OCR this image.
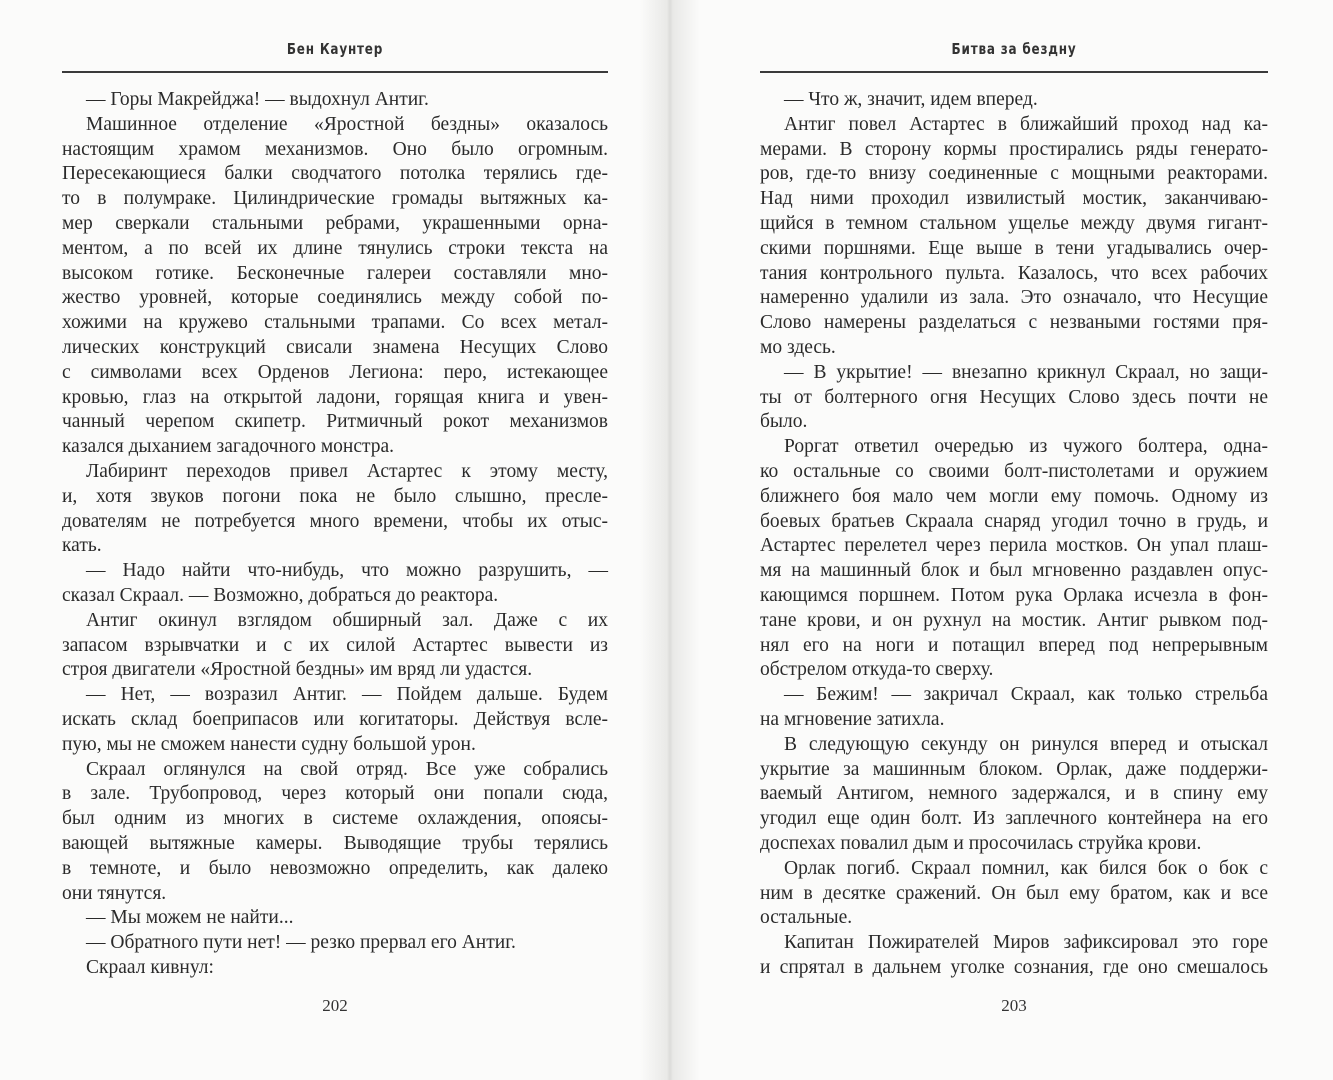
Бен Каунтер
— Горы Макрейджа! — выдохнул Антиг.
Машинное отделение «Яростной бездны» оказалось
настоящим храмом механизмов. Оно было огромным.
Пересекающиеся балки сводчатого потолка терялись где-
то в полумраке. Цилиндрические громады вытяжных ка-
мер сверкали стальными ребрами, украшенными орна-
ментом, а по всей их длине тянулись строки текста на
высоком готике. Бесконечные галереи составляли мно-
жество уровней, которые соединялись между собой по-
хожими на кружево стальными трапами. Со всех метал-
лических конструкций свисали знамена Несущих Слово
с символами всех Орденов Легиона: перо, истекающее
кровью, глаз на открытой ладони, горящая книга и увен-
чанный черепом скипетр. Ритмичный рокот механизмов
казался дыханием загадочного монстра.
Лабиринт переходов привел Астартес к этому месту,
и, хотя звуков погони пока не было слышно, пресле-
дователям не потребуется много времени, чтобы их отыс-
кать.
— Надо найти что-нибудь, что можно разрушить, —
сказал Скраал. — Возможно, добраться до реактора.
Антиг окинул взглядом обширный зал. Даже с их
запасом взрывчатки и с их силой Астартес вывести из
строя двигатели «Яростной бездны» им вряд ли удастся.
— Нет, — возразил Антиг. — Пойдем дальше. Будем
искать склад боеприпасов или когитаторы. Действуя всле-
пую, мы не сможем нанести судну большой урон.
Скраал оглянулся на свой отряд. Все уже собрались
в зале. Трубопровод, через который они попали сюда,
был одним из многих в системе охлаждения, опоясы-
вающей вытяжные камеры. Выводящие трубы терялись
в темноте, и было невозможно определить, как далеко
они тянутся.
— Мы можем не найти...
— Обратного пути нет! — резко прервал его Антиг.
Скраал кивнул:
202
Битва за бездну
— Что ж, значит, идем вперед.
Антиг повел Астартес в ближайший проход над ка-
мерами. В сторону кормы простирались ряды генерато-
ров, где-то внизу соединенные с мощными реакторами.
Над ними проходил извилистый мостик, заканчиваю-
щийся в темном стальном ущелье между двумя гигант-
скими поршнями. Еще выше в тени угадывались очер-
тания контрольного пульта. Казалось, что всех рабочих
намеренно удалили из зала. Это означало, что Несущие
Слово намерены разделаться с незваными гостями пря-
мо здесь.
— В укрытие! — внезапно крикнул Скраал, но защи-
ты от болтерного огня Несущих Слово здесь почти не
было.
Роргат ответил очередью из чужого болтера, одна-
ко остальные со своими болт-пистолетами и оружием
ближнего боя мало чем могли ему помочь. Одному из
боевых братьев Скраала снаряд угодил точно в грудь, и
Астартес перелетел через перила мостков. Он упал плаш-
мя на машинный блок и был мгновенно раздавлен опус-
кающимся поршнем. Потом рука Орлака исчезла в фон-
тане крови, и он рухнул на мостик. Антиг рывком под-
нял его на ноги и потащил вперед под непрерывным
обстрелом откуда-то сверху.
— Бежим! — закричал Скраал, как только стрельба
на мгновение затихла.
В следующую секунду он ринулся вперед и отыскал
укрытие за машинным блоком. Орлак, даже поддержи-
ваемый Антигом, немного задержался, и в спину ему
угодил еще один болт. Из заплечного контейнера на его
доспехах повалил дым и просочилась струйка крови.
Орлак погиб. Скраал помнил, как бился бок о бок с
ним в десятке сражений. Он был ему братом, как и все
остальные.
Капитан Пожирателей Миров зафиксировал это горе
и спрятал в дальнем уголке сознания, где оно смешалось
203
